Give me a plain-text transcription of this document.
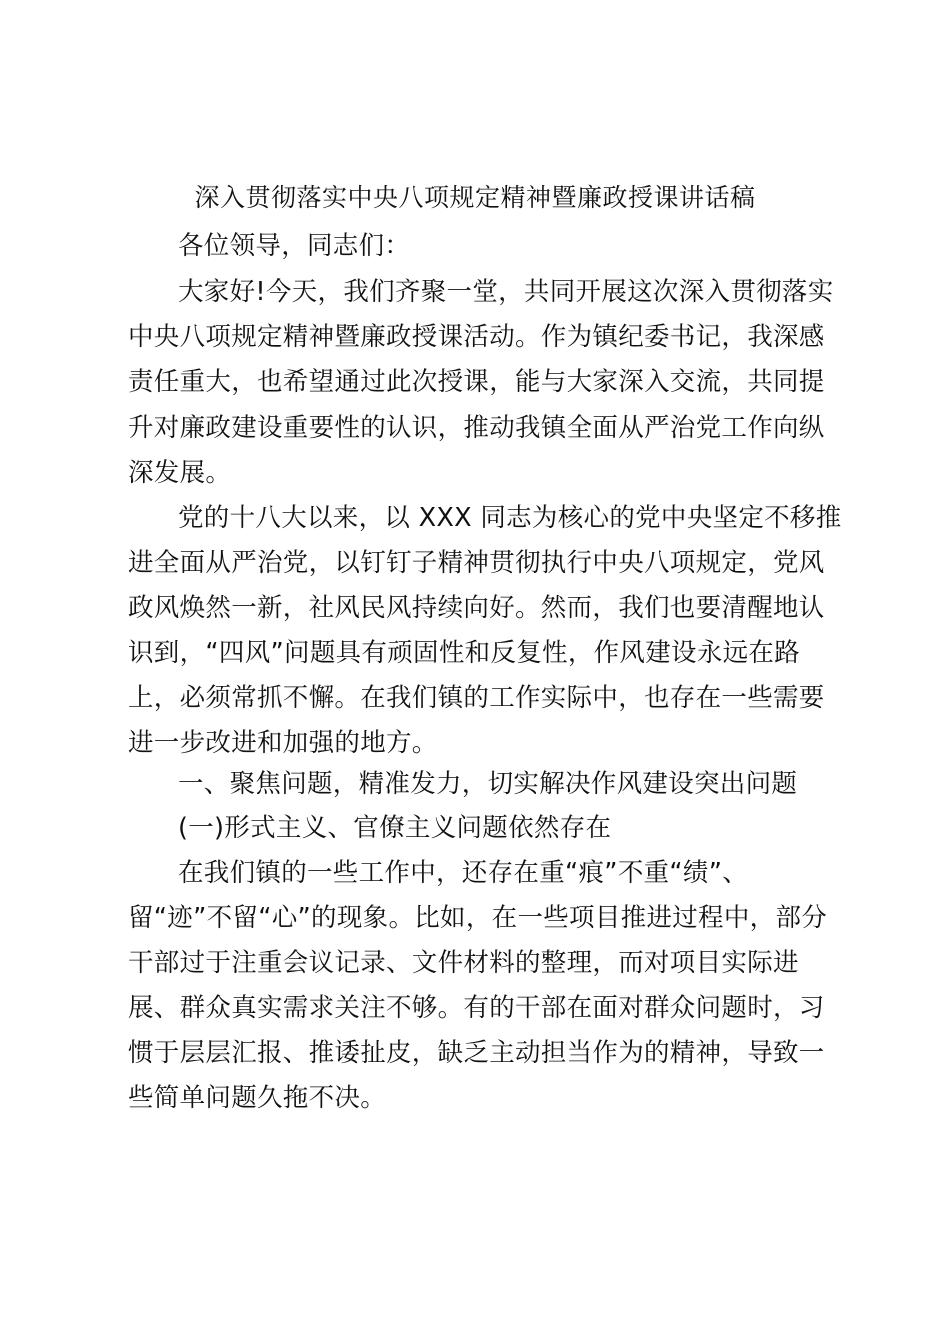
深入贯彻落实中央八项规定精神暨廉政授课讲话稿
各位领导，同志们：
大家好!今天，我们齐聚一堂，共同开展这次深入贯彻落实
中央八项规定精神暨廉政授课活动。作为镇纪委书记，我深感
责任重大，也希望通过此次授课，能与大家深入交流，共同提
升对廉政建设重要性的认识，推动我镇全面从严治党工作向纵
深发展。
党的十八大以来，以 XXX 同志为核心的党中央坚定不移推
进全面从严治党，以钉钉子精神贯彻执行中央八项规定，党风
政风焕然一新，社风民风持续向好。然而，我们也要清醒地认
识到，“四风”问题具有顽固性和反复性，作风建设永远在路
上，必须常抓不懈。在我们镇的工作实际中，也存在一些需要
进一步改进和加强的地方。
一、聚焦问题，精准发力，切实解决作风建设突出问题
(一)形式主义、官僚主义问题依然存在
在我们镇的一些工作中，还存在重“痕”不重“绩”、
留“迹”不留“心”的现象。比如，在一些项目推进过程中，部分
干部过于注重会议记录、文件材料的整理，而对项目实际进
展、群众真实需求关注不够。有的干部在面对群众问题时，习
惯于层层汇报、推诿扯皮，缺乏主动担当作为的精神，导致一
些简单问题久拖不决。
